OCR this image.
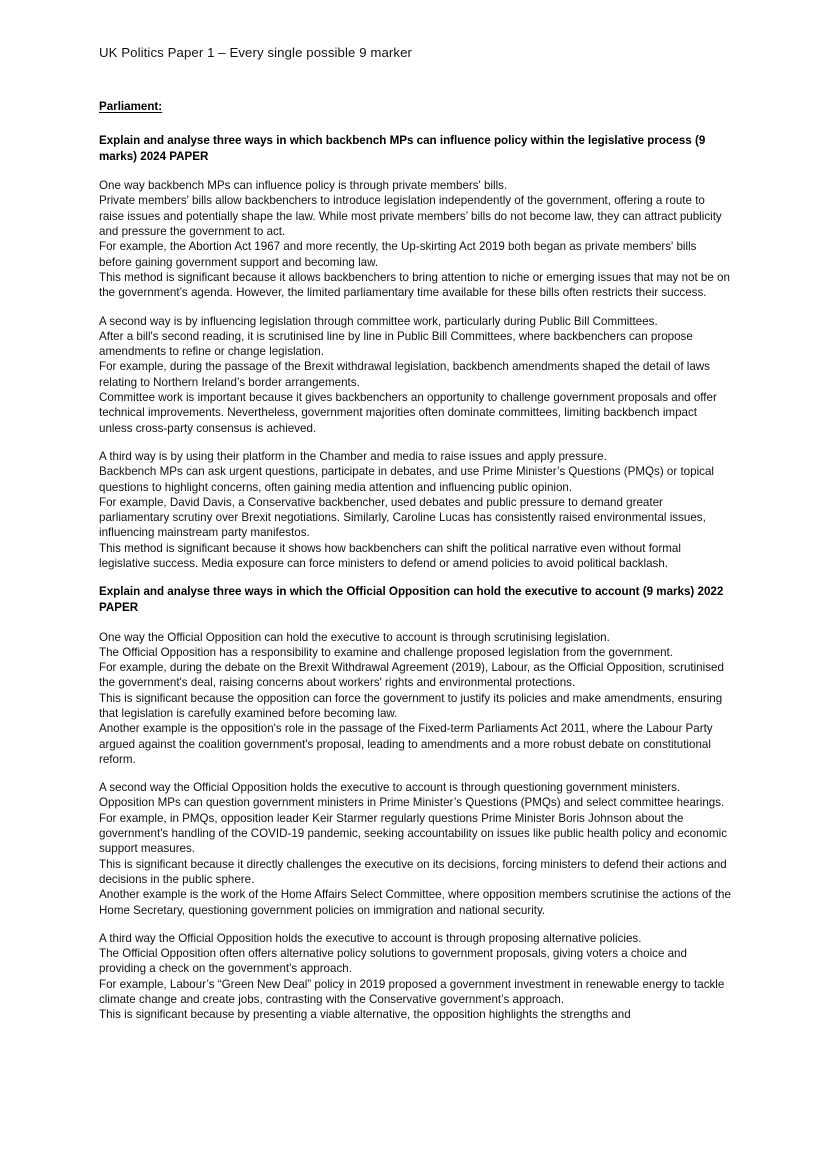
UK Politics Paper 1 – Every single possible 9 marker
Parliament:
Explain and analyse three ways in which backbench MPs can influence policy within the legislative process (9 marks) 2024 PAPER

One way backbench MPs can influence policy is through private members' bills.
Private members' bills allow backbenchers to introduce legislation independently of the government, offering a route to raise issues and potentially shape the law. While most private members’ bills do not become law, they can attract publicity and pressure the government to act.
For example, the Abortion Act 1967 and more recently, the Up-skirting Act 2019 both began as private members' bills before gaining government support and becoming law.
This method is significant because it allows backbenchers to bring attention to niche or emerging issues that may not be on the government’s agenda. However, the limited parliamentary time available for these bills often restricts their success.

A second way is by influencing legislation through committee work, particularly during Public Bill Committees.
After a bill's second reading, it is scrutinised line by line in Public Bill Committees, where backbenchers can propose amendments to refine or change legislation.
For example, during the passage of the Brexit withdrawal legislation, backbench amendments shaped the detail of laws relating to Northern Ireland’s border arrangements.
Committee work is important because it gives backbenchers an opportunity to challenge government proposals and offer technical improvements. Nevertheless, government majorities often dominate committees, limiting backbench impact unless cross-party consensus is achieved.

A third way is by using their platform in the Chamber and media to raise issues and apply pressure.
Backbench MPs can ask urgent questions, participate in debates, and use Prime Minister’s Questions (PMQs) or topical questions to highlight concerns, often gaining media attention and influencing public opinion.
For example, David Davis, a Conservative backbencher, used debates and public pressure to demand greater parliamentary scrutiny over Brexit negotiations. Similarly, Caroline Lucas has consistently raised environmental issues, influencing mainstream party manifestos.
This method is significant because it shows how backbenchers can shift the political narrative even without formal legislative success. Media exposure can force ministers to defend or amend policies to avoid political backlash.

Explain and analyse three ways in which the Official Opposition can hold the executive to account (9 marks) 2022 PAPER

One way the Official Opposition can hold the executive to account is through scrutinising legislation.
The Official Opposition has a responsibility to examine and challenge proposed legislation from the government.
For example, during the debate on the Brexit Withdrawal Agreement (2019), Labour, as the Official Opposition, scrutinised the government's deal, raising concerns about workers' rights and environmental protections.
This is significant because the opposition can force the government to justify its policies and make amendments, ensuring that legislation is carefully examined before becoming law.
Another example is the opposition's role in the passage of the Fixed-term Parliaments Act 2011, where the Labour Party argued against the coalition government's proposal, leading to amendments and a more robust debate on constitutional reform.

A second way the Official Opposition holds the executive to account is through questioning government ministers.
Opposition MPs can question government ministers in Prime Minister’s Questions (PMQs) and select committee hearings.
For example, in PMQs, opposition leader Keir Starmer regularly questions Prime Minister Boris Johnson about the government's handling of the COVID-19 pandemic, seeking accountability on issues like public health policy and economic support measures.
This is significant because it directly challenges the executive on its decisions, forcing ministers to defend their actions and decisions in the public sphere.
Another example is the work of the Home Affairs Select Committee, where opposition members scrutinise the actions of the Home Secretary, questioning government policies on immigration and national security.

A third way the Official Opposition holds the executive to account is through proposing alternative policies.
The Official Opposition often offers alternative policy solutions to government proposals, giving voters a choice and providing a check on the government's approach.
For example, Labour’s “Green New Deal” policy in 2019 proposed a government investment in renewable energy to tackle climate change and create jobs, contrasting with the Conservative government’s approach.
This is significant because by presenting a viable alternative, the opposition highlights the strengths and
